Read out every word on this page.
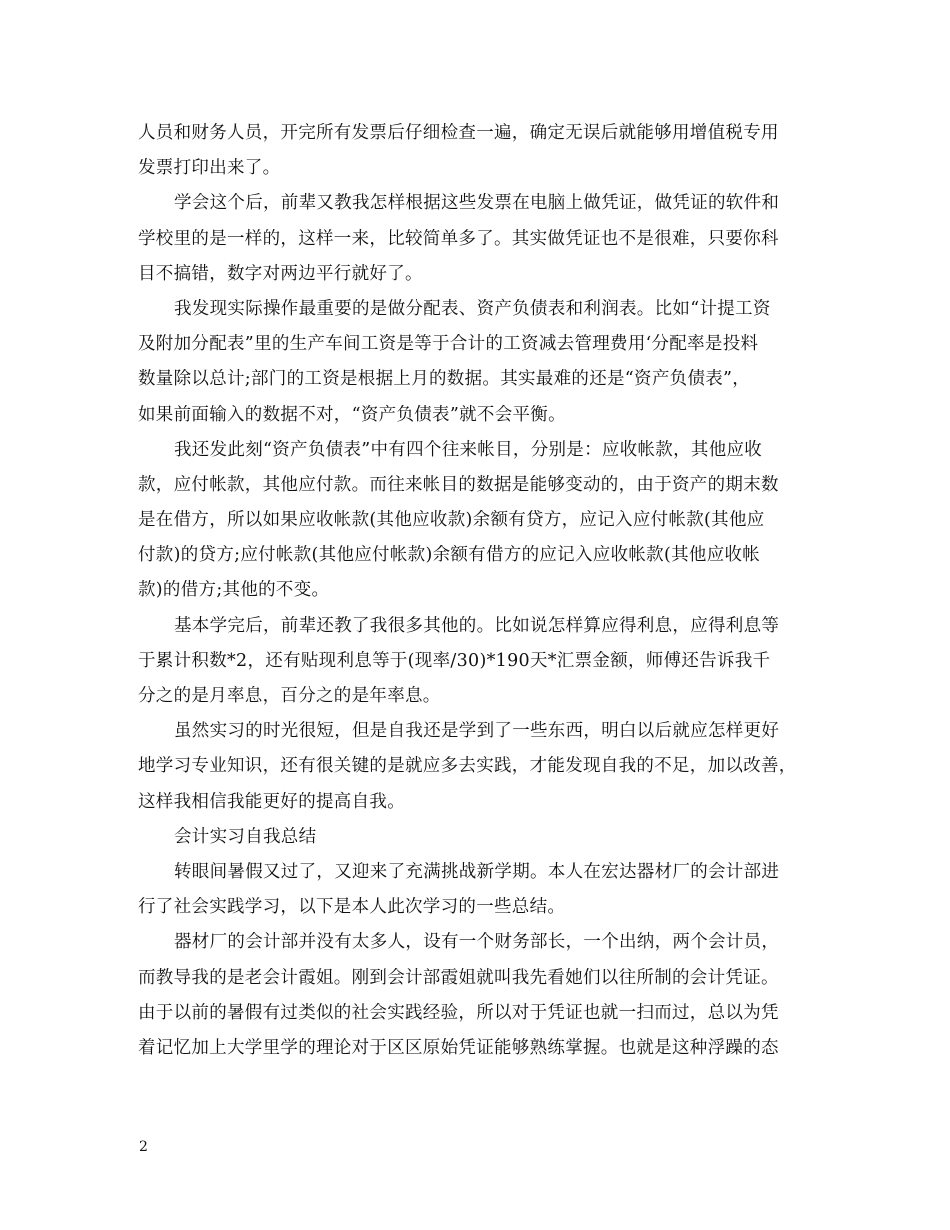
人员和财务人员，开完所有发票后仔细检查一遍，确定无误后就能够用增值税专用
发票打印出来了。
学会这个后，前辈又教我怎样根据这些发票在电脑上做凭证，做凭证的软件和
学校里的是一样的，这样一来，比较简单多了。其实做凭证也不是很难，只要你科
目不搞错，数字对两边平行就好了。
我发现实际操作最重要的是做分配表、资产负债表和利润表。比如“计提工资
及附加分配表”里的生产车间工资是等于合计的工资减去管理费用‘分配率是投料
数量除以总计;部门的工资是根据上月的数据。其实最难的还是“资产负债表”，
如果前面输入的数据不对，“资产负债表”就不会平衡。
我还发此刻“资产负债表”中有四个往来帐目，分别是：应收帐款，其他应收
款，应付帐款，其他应付款。而往来帐目的数据是能够变动的，由于资产的期末数
是在借方，所以如果应收帐款(其他应收款)余额有贷方，应记入应付帐款(其他应
付款)的贷方;应付帐款(其他应付帐款)余额有借方的应记入应收帐款(其他应收帐
款)的借方;其他的不变。
基本学完后，前辈还教了我很多其他的。比如说怎样算应得利息，应得利息等
于累计积数*2，还有贴现利息等于(现率/30)*190天*汇票金额，师傅还告诉我千
分之的是月率息，百分之的是年率息。
虽然实习的时光很短，但是自我还是学到了一些东西，明白以后就应怎样更好
地学习专业知识，还有很关键的是就应多去实践，才能发现自我的不足，加以改善，
这样我相信我能更好的提高自我。
会计实习自我总结
转眼间暑假又过了，又迎来了充满挑战新学期。本人在宏达器材厂的会计部进
行了社会实践学习，以下是本人此次学习的一些总结。
器材厂的会计部并没有太多人，设有一个财务部长，一个出纳，两个会计员，
而教导我的是老会计霞姐。刚到会计部霞姐就叫我先看她们以往所制的会计凭证。
由于以前的暑假有过类似的社会实践经验，所以对于凭证也就一扫而过，总以为凭
着记忆加上大学里学的理论对于区区原始凭证能够熟练掌握。也就是这种浮躁的态
2
